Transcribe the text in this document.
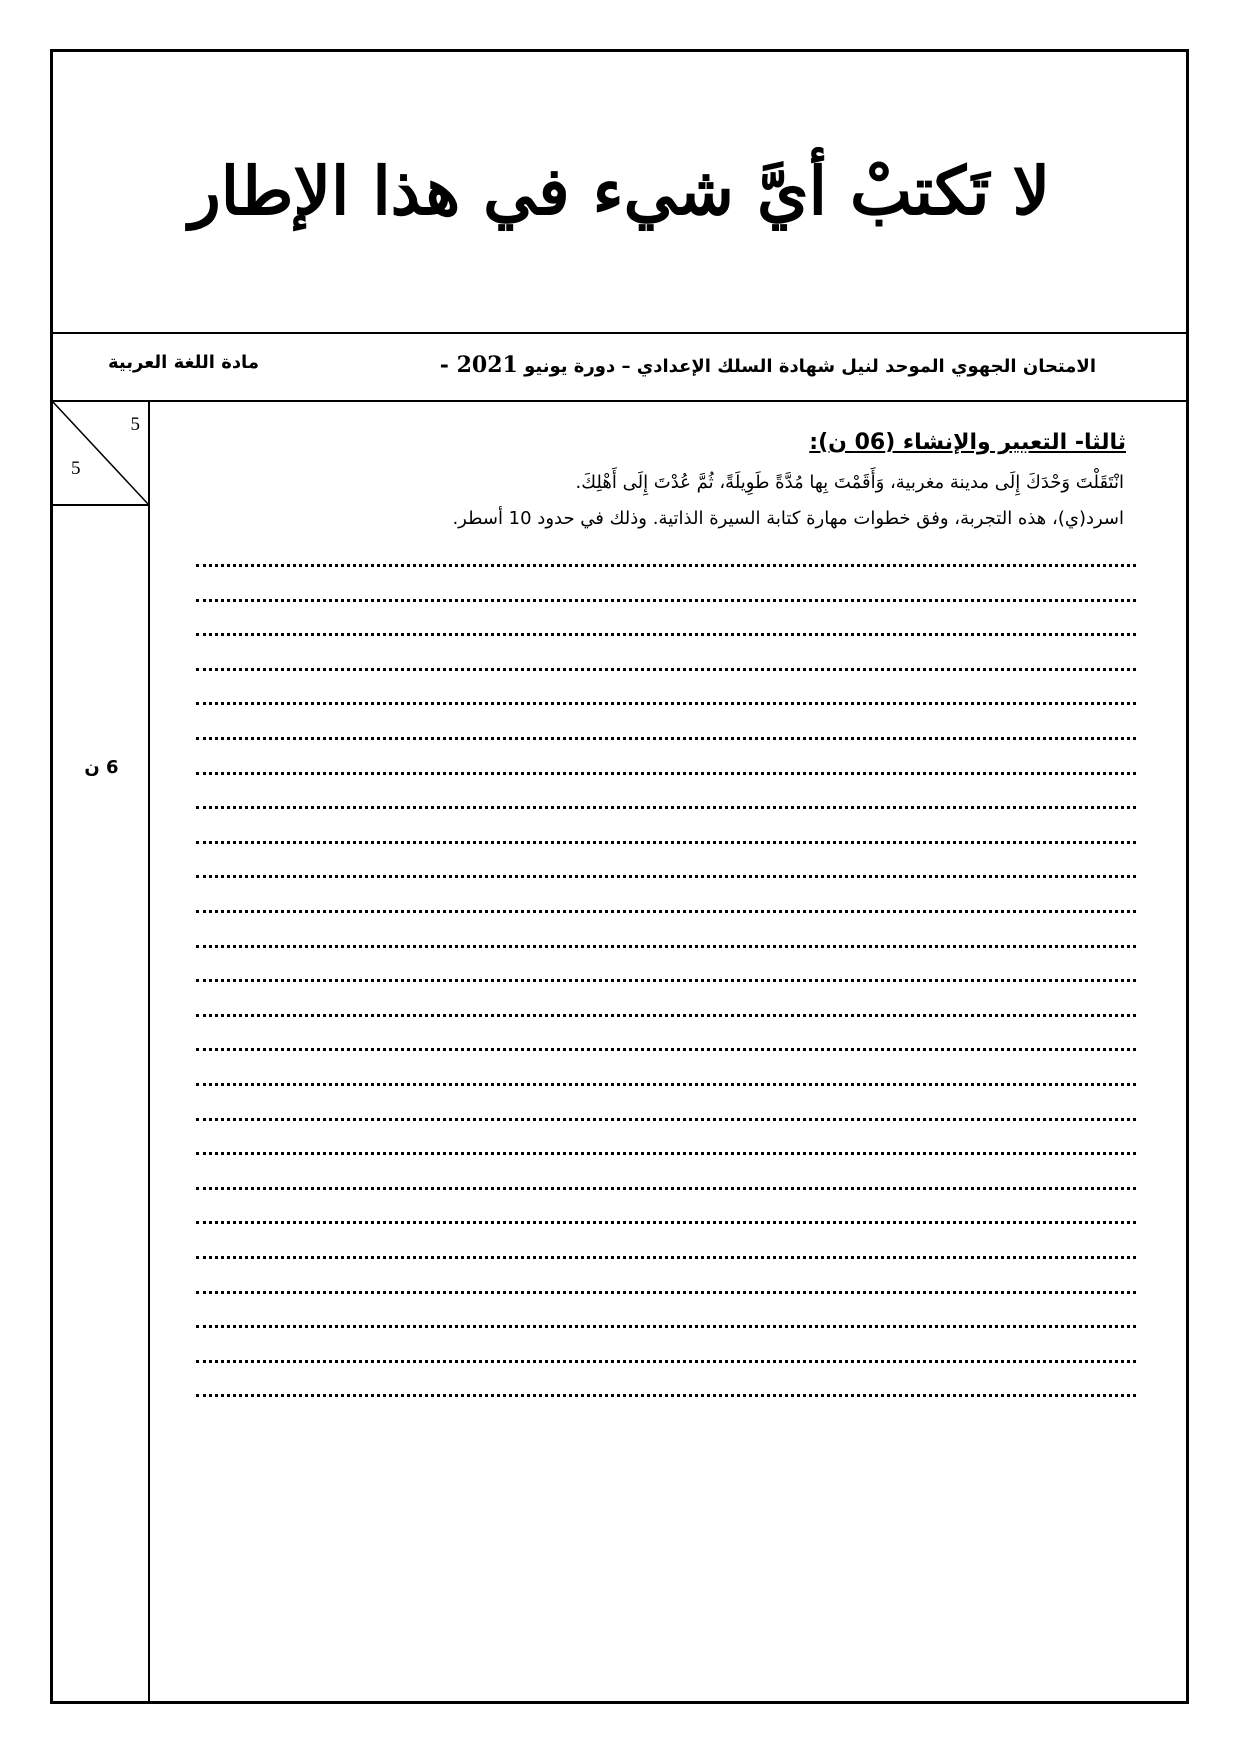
لا تَكتبْ أيَّ شيء في هذا الإطار
الامتحان الجهوي الموحد لنيل شهادة السلك الإعدادي – دورة يونيو 2021 -
مادة اللغة العربية
5
5
6 ن
ثالثا- التعبير والإنشاء (06 ن):
انْتَقَلْتَ وَحْدَكَ إِلَى مدينة مغربية، وَأَقَمْتَ بِها مُدَّةً طَوِيلَةً، ثُمَّ عُدْتَ إِلَى أَهْلِكَ.
اسرد(ي)، هذه التجربة، وفق خطوات مهارة كتابة السيرة الذاتية. وذلك في حدود 10 أسطر.
